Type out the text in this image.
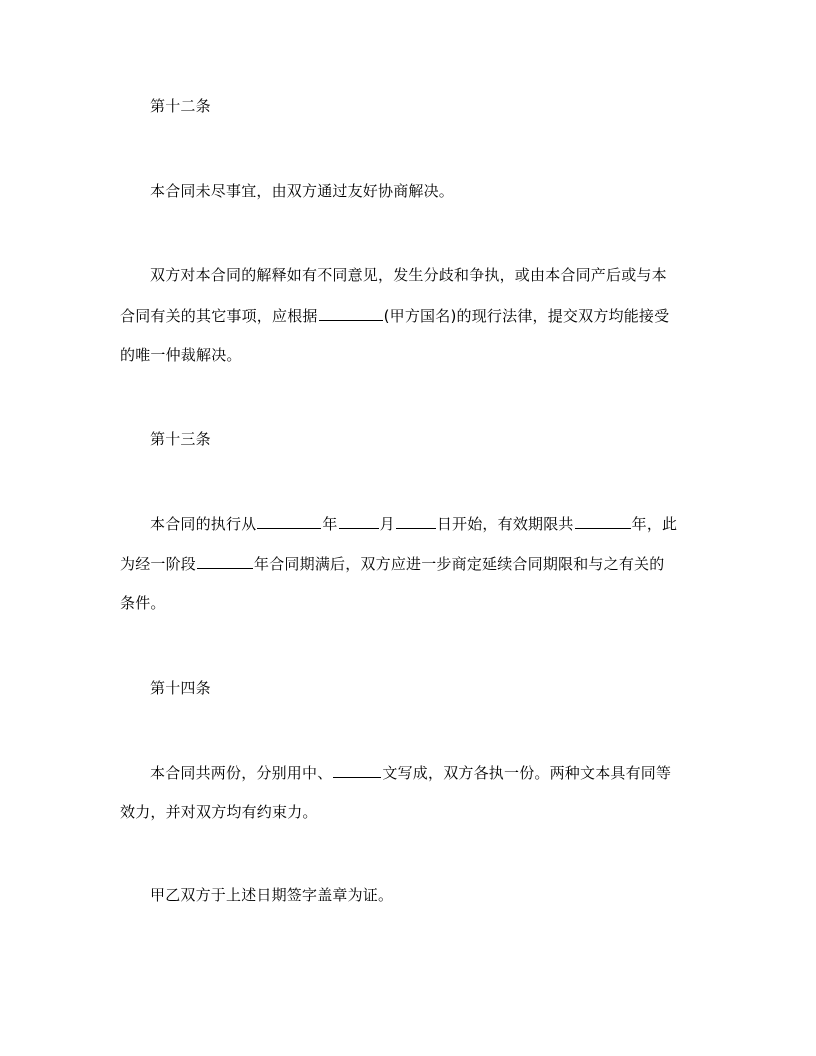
第十二条
本合同未尽事宜，由双方通过友好协商解决。
双方对本合同的解释如有不同意见，发生分歧和争执，或由本合同产后或与本
合同有关的其它事项，应根据	(甲方国名)的现行法律，提交双方均能接受
的唯一仲裁解决。
第十三条
本合同的执行从	年	月	日开始，有效期限共	年，此
为经一阶段	年合同期满后，双方应进一步商定延续合同期限和与之有关的
条件。
第十四条
本合同共两份，分别用中、	文写成，双方各执一份。两种文本具有同等
效力，并对双方均有约束力。
甲乙双方于上述日期签字盖章为证。
